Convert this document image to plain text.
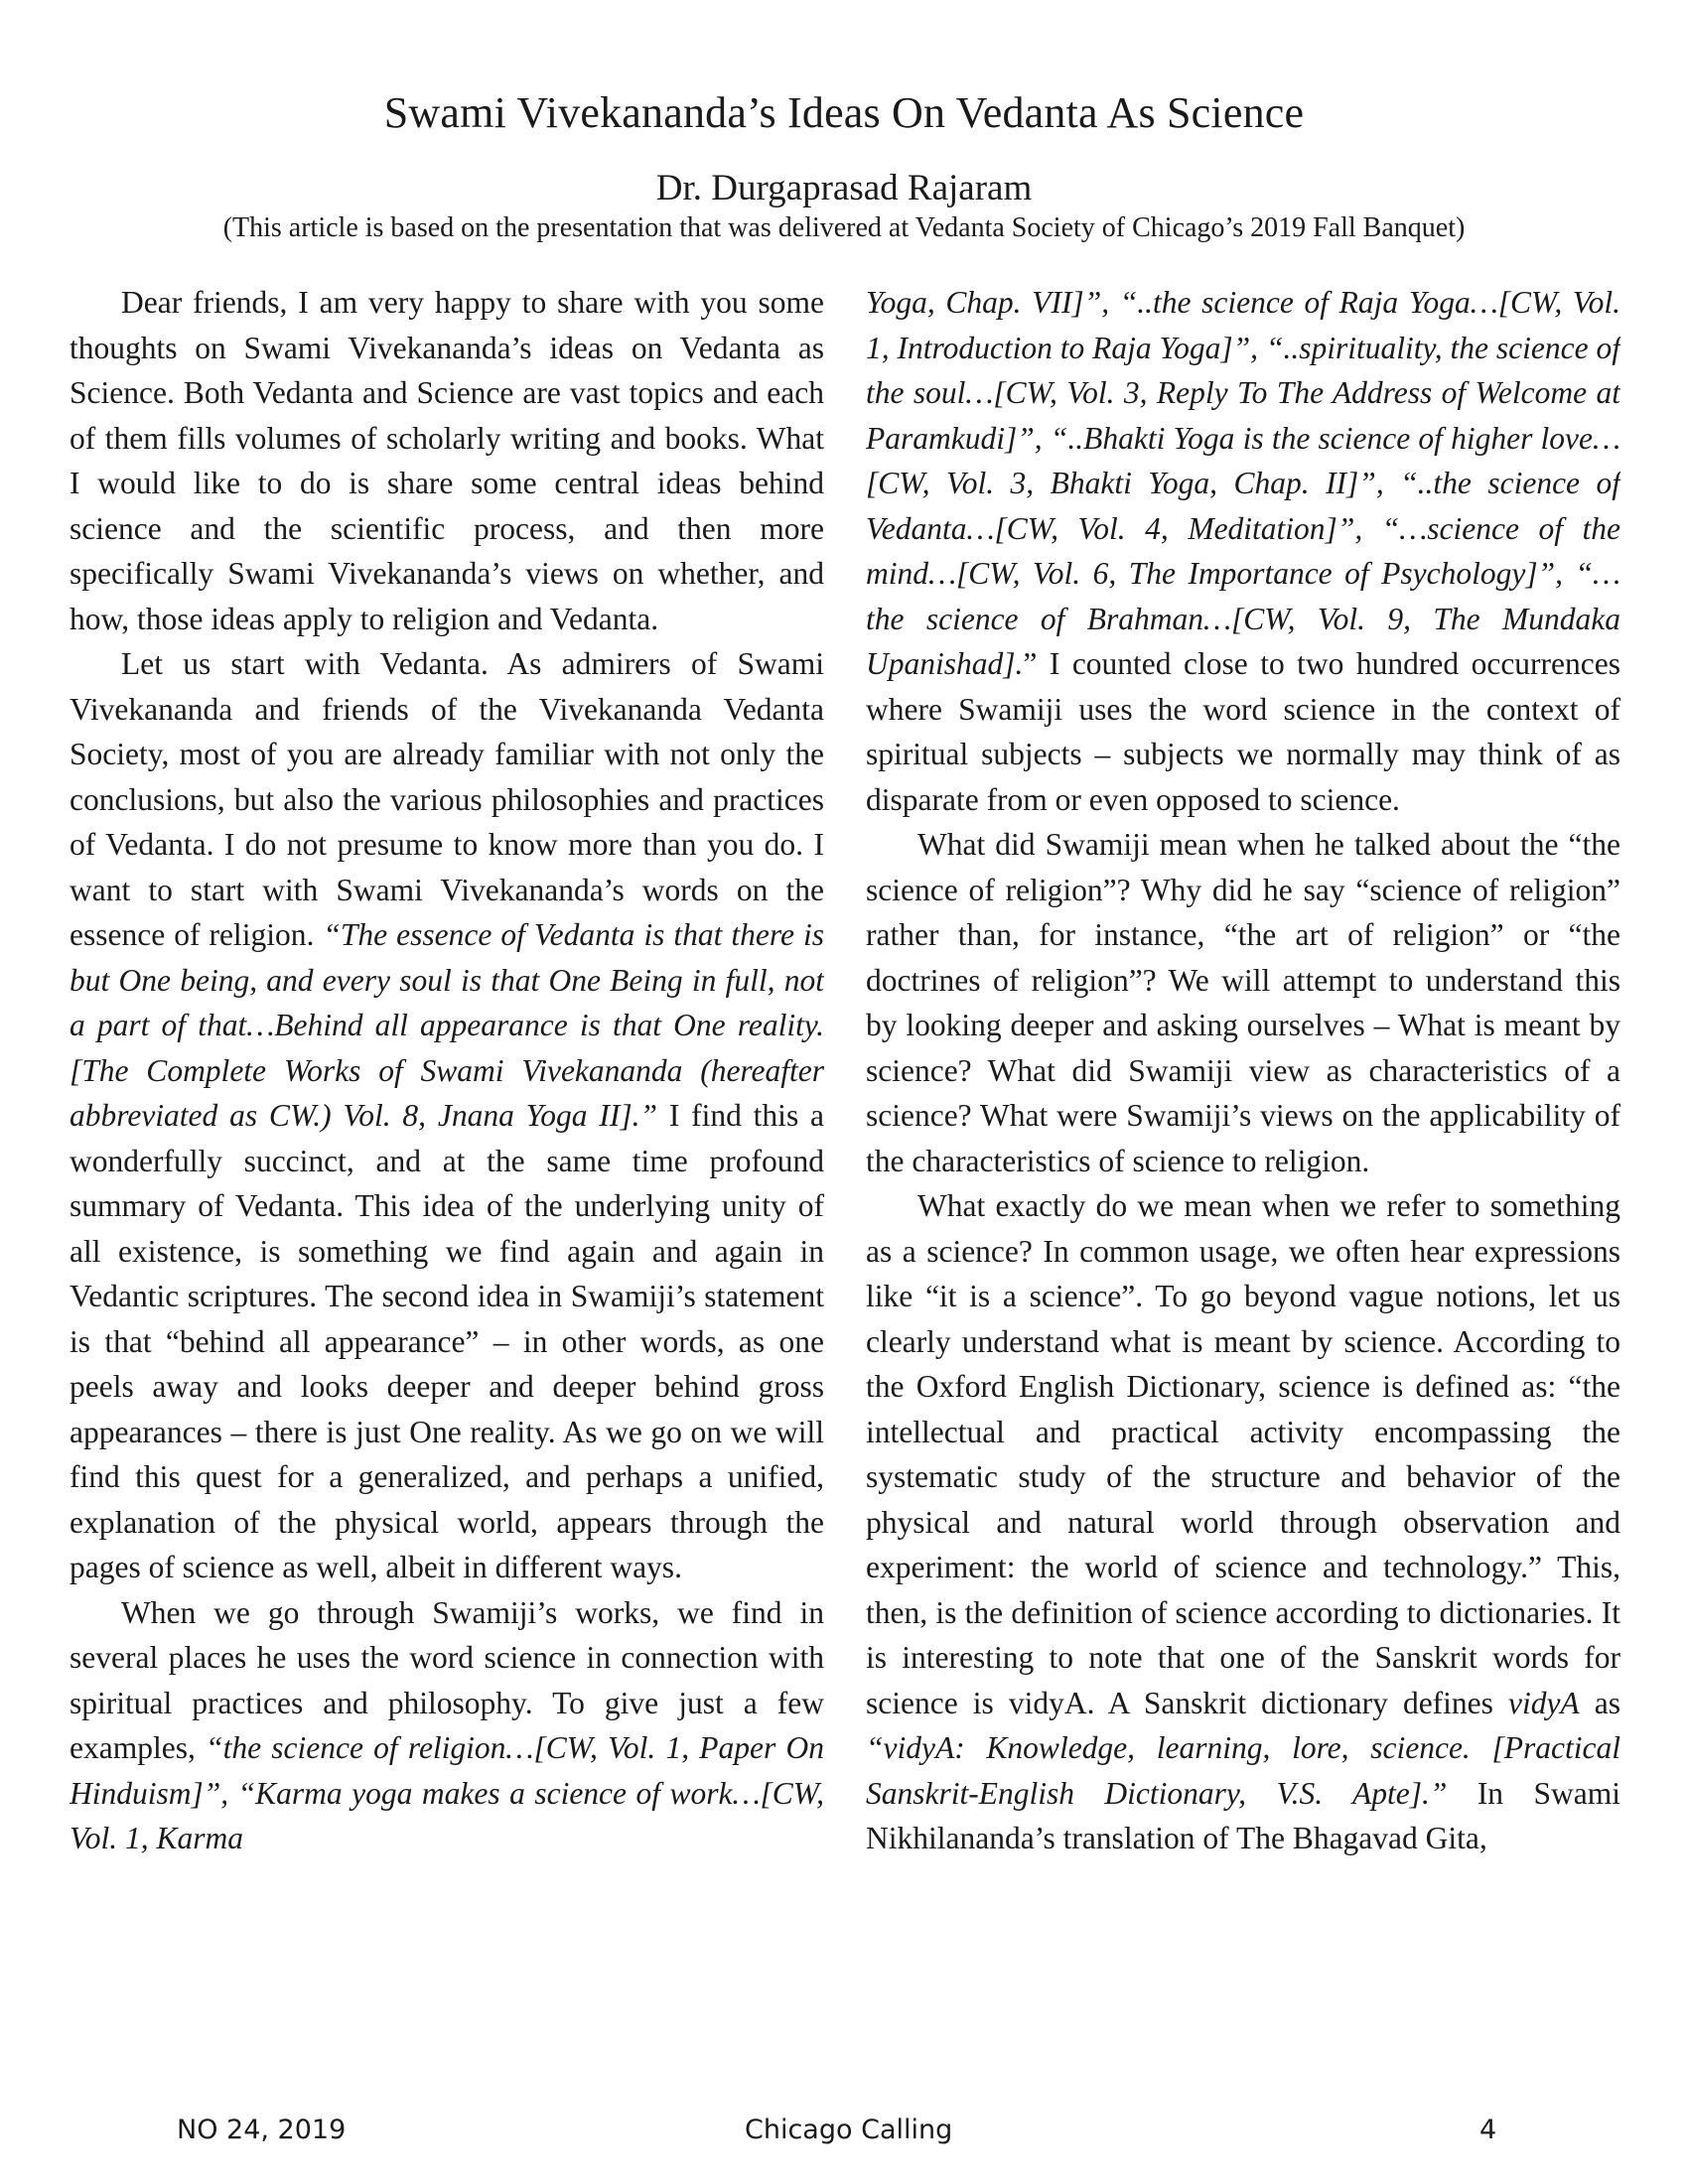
Swami Vivekananda’s Ideas On Vedanta As Science
Dr. Durgaprasad Rajaram
(This article is based on the presentation that was delivered at Vedanta Society of Chicago’s 2019 Fall Banquet)

Dear friends, I am very happy to share with you some thoughts on Swami Vivekananda’s ideas on Vedanta as Science. Both Vedanta and Science are vast topics and each of them fills volumes of scholarly writing and books. What I would like to do is share some central ideas behind science and the scientific process, and then more specifically Swami Vivekananda’s views on whether, and how, those ideas apply to religion and Vedanta.

Let us start with Vedanta. As admirers of Swami Vivekananda and friends of the Vivekananda Vedanta Society, most of you are already familiar with not only the conclusions, but also the various philosophies and practices of Vedanta. I do not presume to know more than you do. I want to start with Swami Vivekananda’s words on the essence of religion. “The essence of Vedanta is that there is but One being, and every soul is that One Being in full, not a part of that…Behind all appearance is that One reality. [The Complete Works of Swami Vivekananda (hereafter abbreviated as CW.) Vol. 8, Jnana Yoga II].” I find this a wonderfully succinct, and at the same time profound summary of Vedanta. This idea of the underlying unity of all existence, is something we find again and again in Vedantic scriptures. The second idea in Swamiji’s statement is that “behind all appearance” – in other words, as one peels away and looks deeper and deeper behind gross appearances – there is just One reality. As we go on we will find this quest for a generalized, and perhaps a unified, explanation of the physical world, appears through the pages of science as well, albeit in different ways.

When we go through Swamiji’s works, we find in several places he uses the word science in connection with spiritual practices and philosophy. To give just a few examples, “the science of religion…[CW, Vol. 1, Paper On Hinduism]”, “Karma yoga makes a science of work…[CW, Vol. 1, Karma

Yoga, Chap. VII]”, “..the science of Raja Yoga…[CW, Vol. 1, Introduction to Raja Yoga]”, “..spirituality, the science of the soul…[CW, Vol. 3, Reply To The Address of Welcome at Paramkudi]”, “..Bhakti Yoga is the science of higher love…[CW, Vol. 3, Bhakti Yoga, Chap. II]”, “..the science of Vedanta…[CW, Vol. 4, Meditation]”, “…science of the mind…[CW, Vol. 6, The Importance of Psychology]”, “…the science of Brahman…[CW, Vol. 9, The Mundaka Upanishad].” I counted close to two hundred occurrences where Swamiji uses the word science in the context of spiritual subjects – subjects we normally may think of as disparate from or even opposed to science.

What did Swamiji mean when he talked about the “the science of religion”? Why did he say “science of religion” rather than, for instance, “the art of religion” or “the doctrines of religion”? We will attempt to understand this by looking deeper and asking ourselves – What is meant by science? What did Swamiji view as characteristics of a science? What were Swamiji’s views on the applicability of the characteristics of science to religion.

What exactly do we mean when we refer to something as a science? In common usage, we often hear expressions like “it is a science”. To go beyond vague notions, let us clearly understand what is meant by science. According to the Oxford English Dictionary, science is defined as: “the intellectual and practical activity encompassing the systematic study of the structure and behavior of the physical and natural world through observation and experiment: the world of science and technology.” This, then, is the definition of science according to dictionaries. It is interesting to note that one of the Sanskrit words for science is vidyA. A Sanskrit dictionary defines vidyA as “vidyA: Knowledge, learning, lore, science. [Practical Sanskrit-English Dictionary, V.S. Apte].” In Swami Nikhilananda’s translation of The Bhagavad Gita,

NO 24, 2019	Chicago Calling	4
